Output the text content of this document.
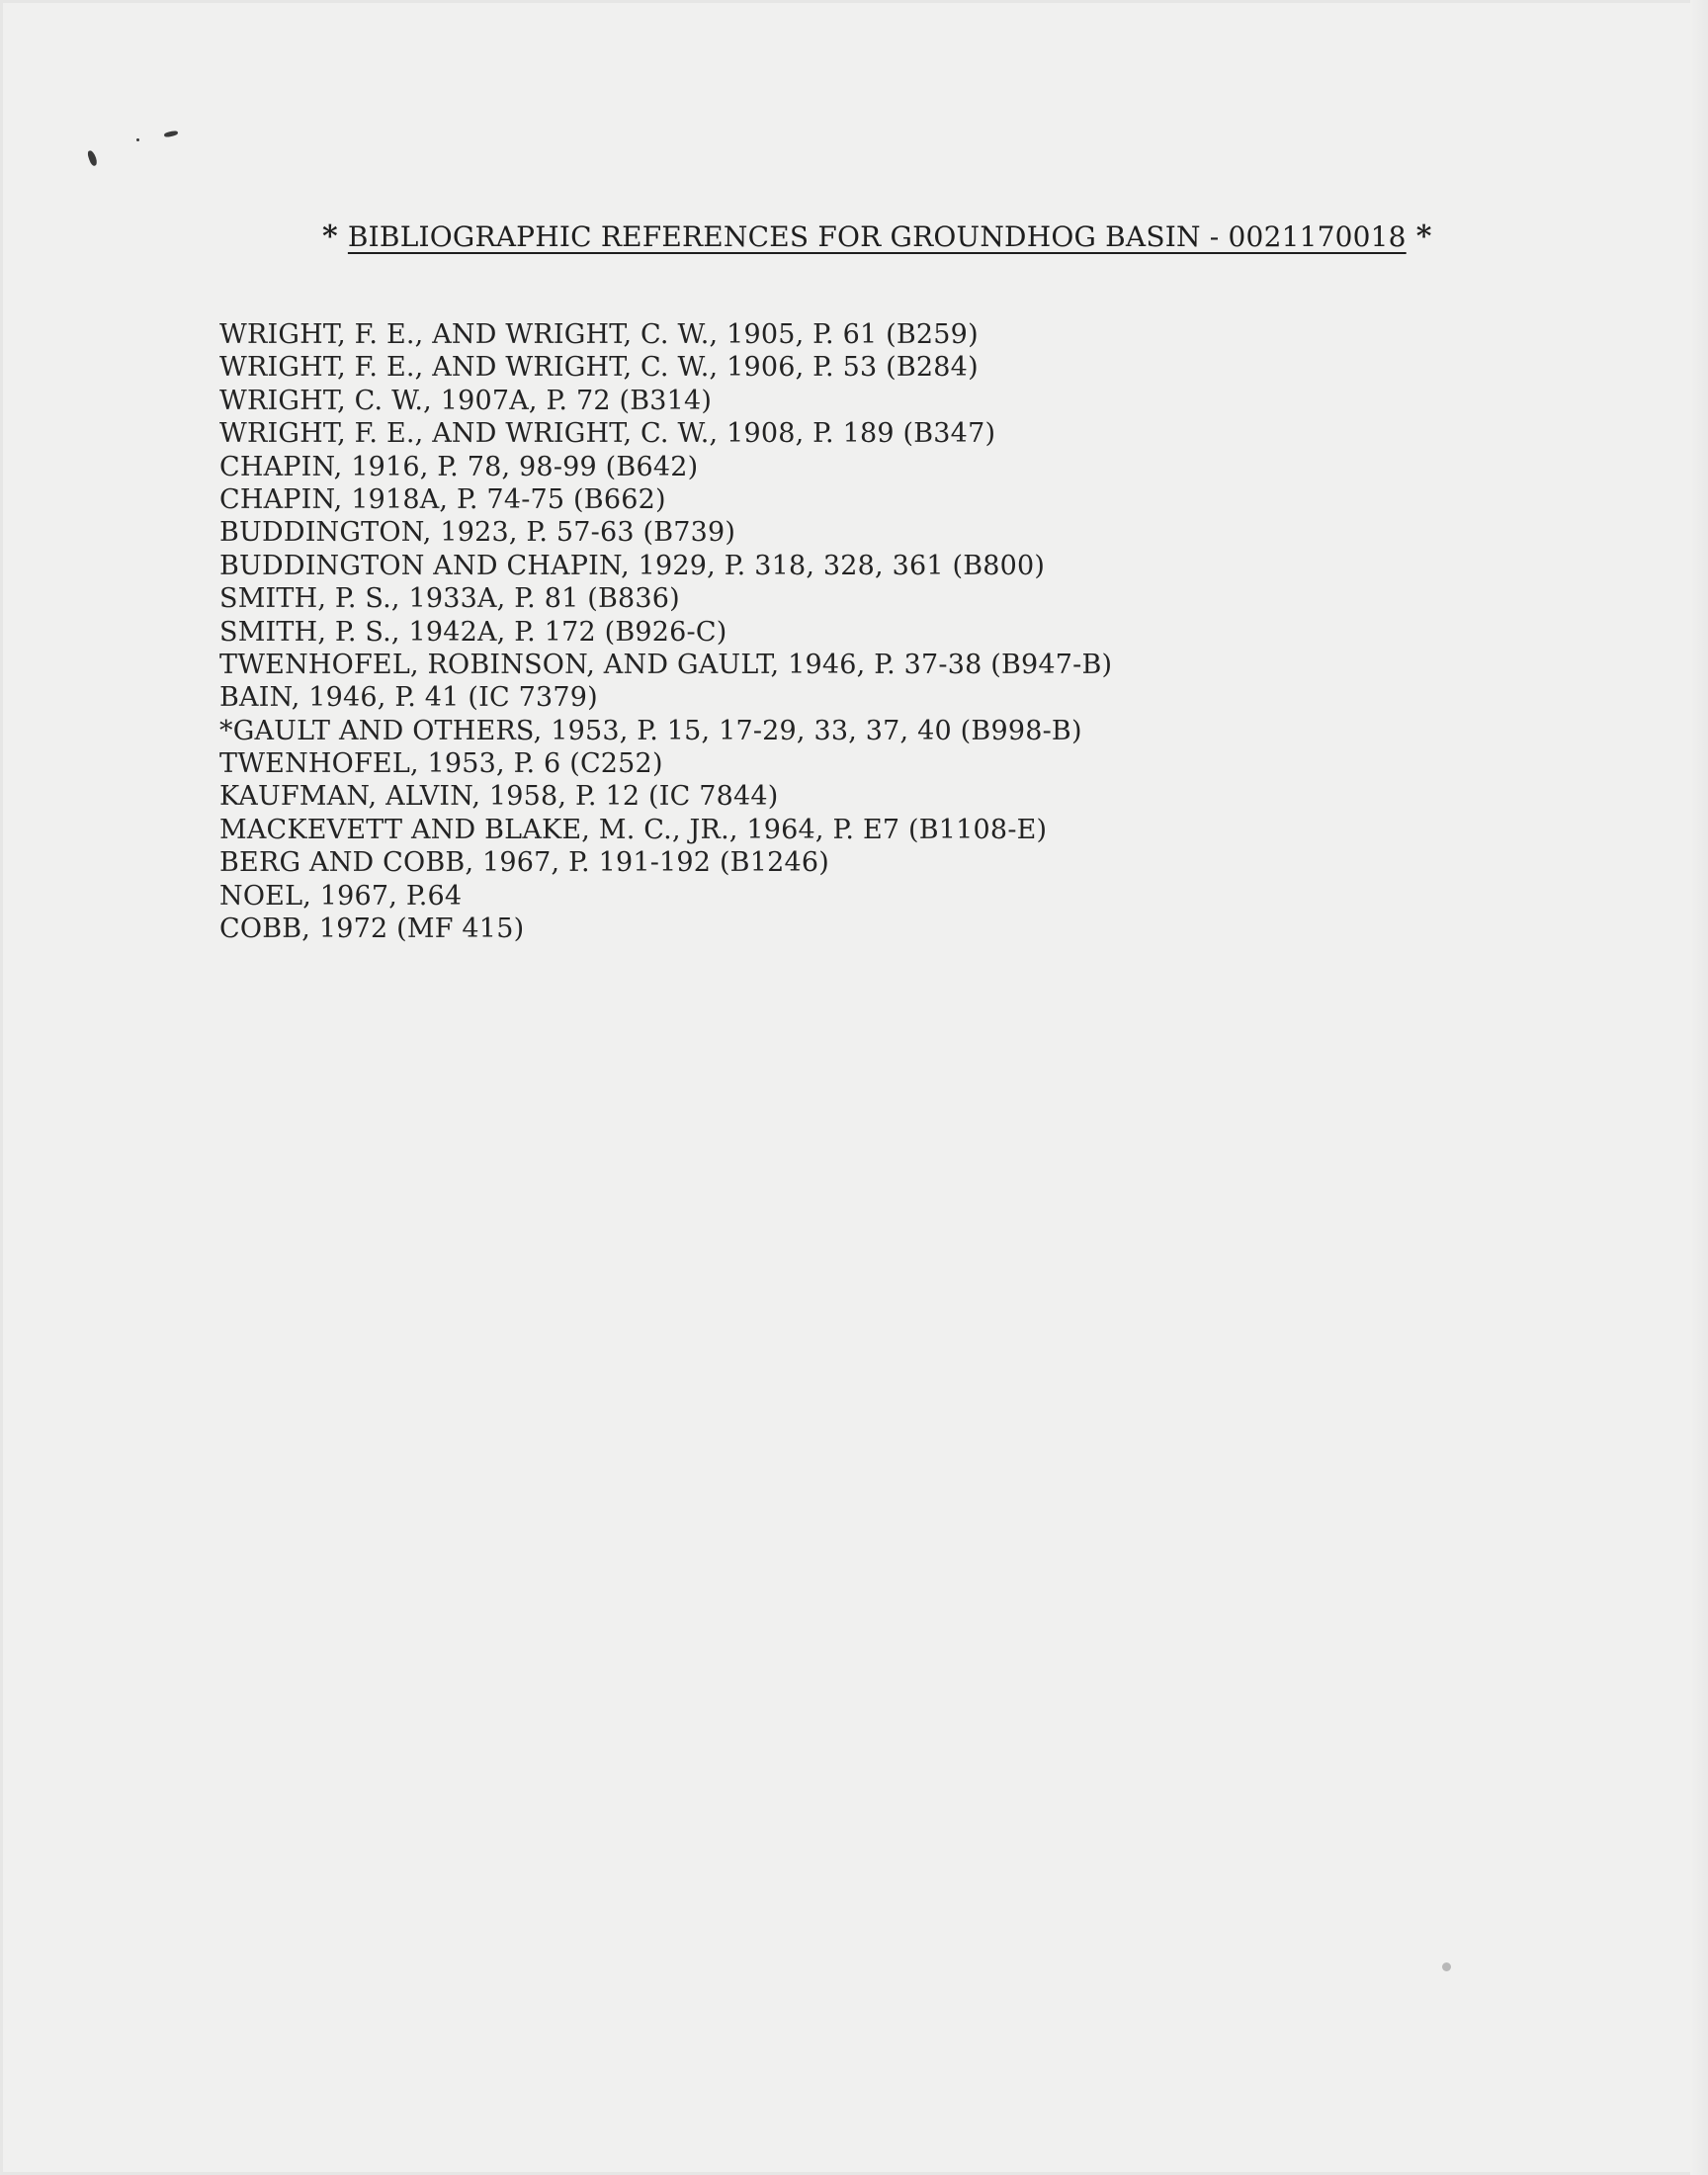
* BIBLIOGRAPHIC REFERENCES FOR GROUNDHOG BASIN - 0021170018 *
WRIGHT, F. E., AND WRIGHT, C. W., 1905, P. 61 (B259)
WRIGHT, F. E., AND WRIGHT, C. W., 1906, P. 53 (B284)
WRIGHT, C. W., 1907A, P. 72 (B314)
WRIGHT, F. E., AND WRIGHT, C. W., 1908, P. 189 (B347)
CHAPIN, 1916, P. 78, 98-99 (B642)
CHAPIN, 1918A, P. 74-75 (B662)
BUDDINGTON, 1923, P. 57-63 (B739)
BUDDINGTON AND CHAPIN, 1929, P. 318, 328, 361 (B800)
SMITH, P. S., 1933A, P. 81 (B836)
SMITH, P. S., 1942A, P. 172 (B926-C)
TWENHOFEL, ROBINSON, AND GAULT, 1946, P. 37-38 (B947-B)
BAIN, 1946, P. 41 (IC 7379)
*GAULT AND OTHERS, 1953, P. 15, 17-29, 33, 37, 40 (B998-B)
TWENHOFEL, 1953, P. 6 (C252)
KAUFMAN, ALVIN, 1958, P. 12 (IC 7844)
MACKEVETT AND BLAKE, M. C., JR., 1964, P. E7 (B1108-E)
BERG AND COBB, 1967, P. 191-192 (B1246)
NOEL, 1967, P.64
COBB, 1972 (MF 415)
